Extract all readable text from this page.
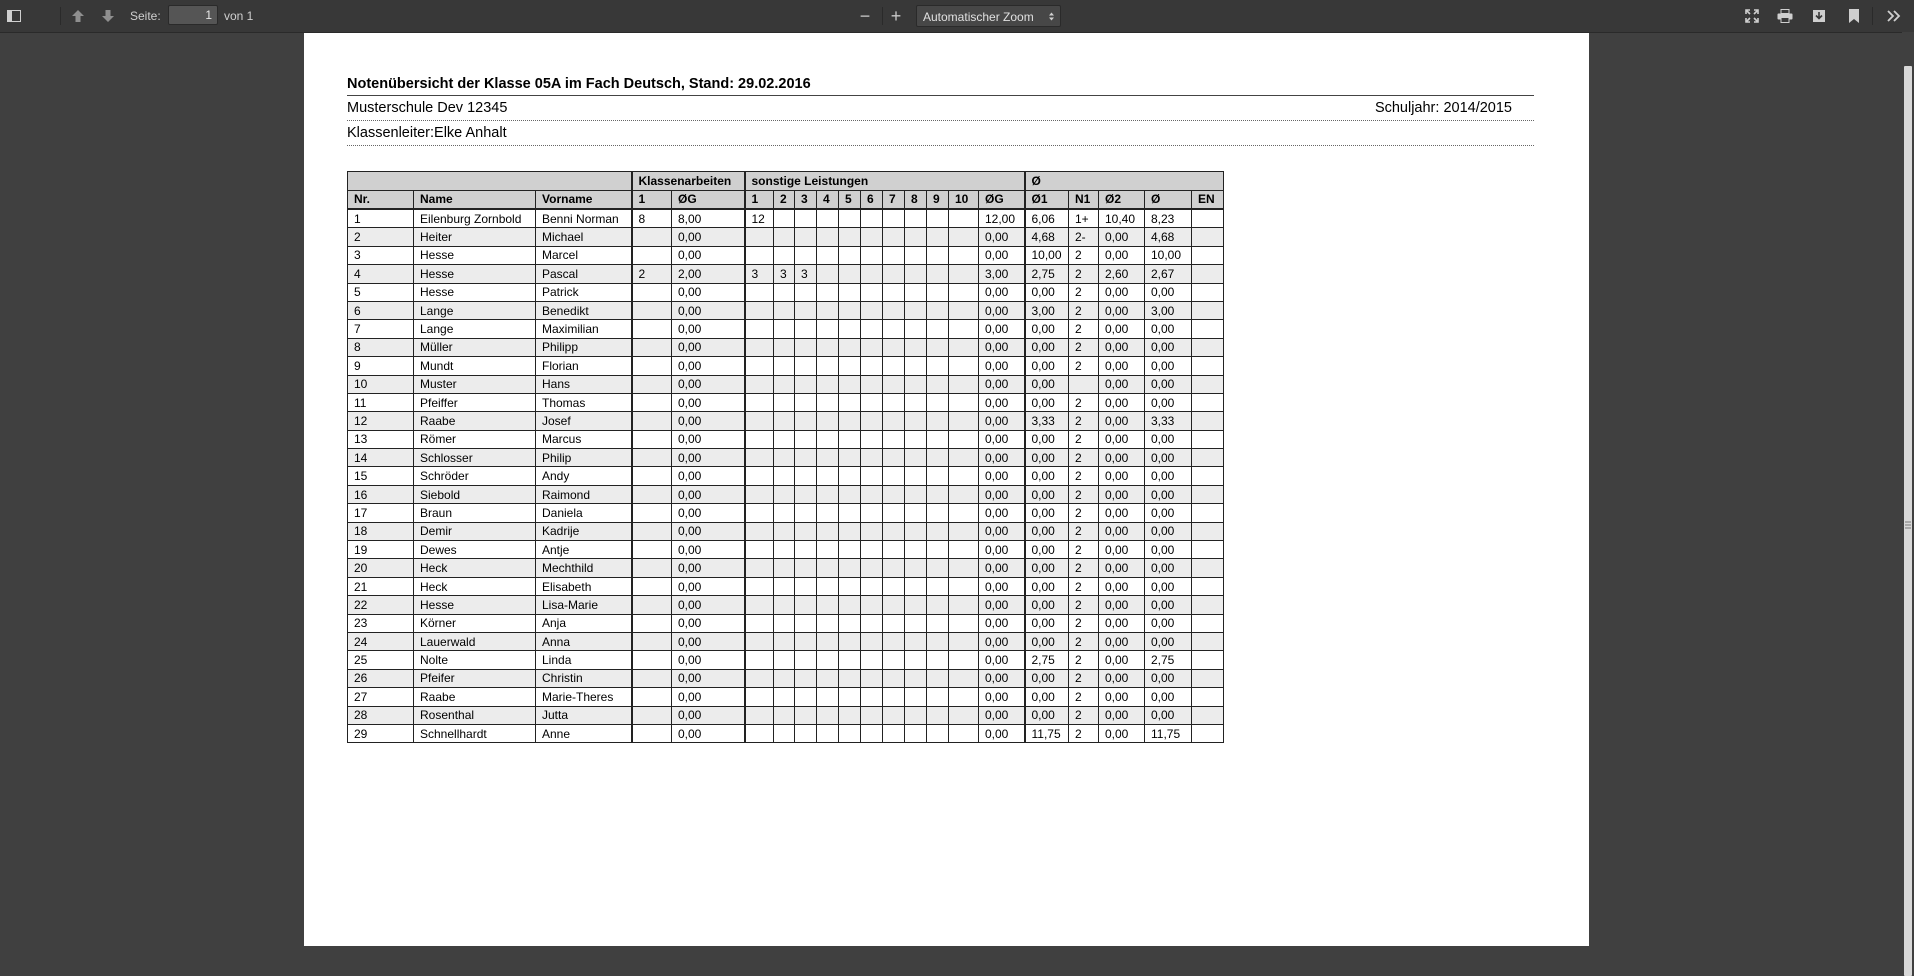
Seite:
1	von 1	−	+	Automatischer Zoom
Notenübersicht der Klasse 05A im Fach Deutsch, Stand: 29.02.2016
Musterschule Dev 12345	Schuljahr: 2014/2015
Klassenleiter:Elke Anhalt
			Klassenarbeiten		sonstige Leistungen											Ø				
Nr.	Name	Vorname	1	ØG	1	2	3	4	5	6	7	8	9	10	ØG	Ø1	N1	Ø2	Ø	EN
1	Eilenburg Zornbold	Benni Norman	8	8,00	12										12,00	6,06	1+	10,40	8,23	
2	Heiter	Michael		0,00											0,00	4,68	2-	0,00	4,68	
3	Hesse	Marcel		0,00											0,00	10,00	2	0,00	10,00	
4	Hesse	Pascal	2	2,00	3	3	3								3,00	2,75	2	2,60	2,67	
5	Hesse	Patrick		0,00											0,00	0,00	2	0,00	0,00	
6	Lange	Benedikt		0,00											0,00	3,00	2	0,00	3,00	
7	Lange	Maximilian		0,00											0,00	0,00	2	0,00	0,00	
8	Müller	Philipp		0,00											0,00	0,00	2	0,00	0,00	
9	Mundt	Florian		0,00											0,00	0,00	2	0,00	0,00	
10	Muster	Hans		0,00											0,00	0,00		0,00	0,00	
11	Pfeiffer	Thomas		0,00											0,00	0,00	2	0,00	0,00	
12	Raabe	Josef		0,00											0,00	3,33	2	0,00	3,33	
13	Römer	Marcus		0,00											0,00	0,00	2	0,00	0,00	
14	Schlosser	Philip		0,00											0,00	0,00	2	0,00	0,00	
15	Schröder	Andy		0,00											0,00	0,00	2	0,00	0,00	
16	Siebold	Raimond		0,00											0,00	0,00	2	0,00	0,00	
17	Braun	Daniela		0,00											0,00	0,00	2	0,00	0,00	
18	Demir	Kadrije		0,00											0,00	0,00	2	0,00	0,00	
19	Dewes	Antje		0,00											0,00	0,00	2	0,00	0,00	
20	Heck	Mechthild		0,00											0,00	0,00	2	0,00	0,00	
21	Heck	Elisabeth		0,00											0,00	0,00	2	0,00	0,00	
22	Hesse	Lisa-Marie		0,00											0,00	0,00	2	0,00	0,00	
23	Körner	Anja		0,00											0,00	0,00	2	0,00	0,00	
24	Lauerwald	Anna		0,00											0,00	0,00	2	0,00	0,00	
25	Nolte	Linda		0,00											0,00	2,75	2	0,00	2,75	
26	Pfeifer	Christin		0,00											0,00	0,00	2	0,00	0,00	
27	Raabe	Marie-Theres		0,00											0,00	0,00	2	0,00	0,00	
28	Rosenthal	Jutta		0,00											0,00	0,00	2	0,00	0,00	
29	Schnellhardt	Anne		0,00											0,00	11,75	2	0,00	11,75	
